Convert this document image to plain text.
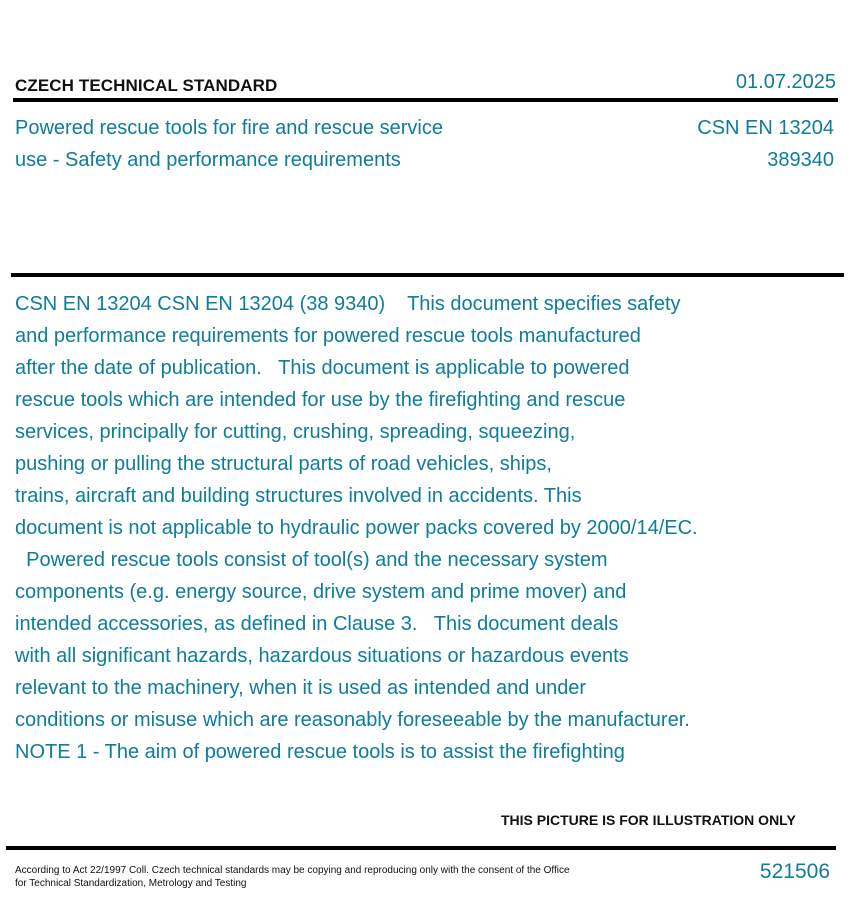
CZECH TECHNICAL STANDARD	01.07.2025
Powered rescue tools for fire and rescue service
use - Safety and performance requirements
CSN EN 13204
389340
CSN EN 13204 CSN EN 13204 (38 9340)    This document specifies safety
and performance requirements for powered rescue tools manufactured
after the date of publication.   This document is applicable to powered
rescue tools which are intended for use by the firefighting and rescue
services, principally for cutting, crushing, spreading, squeezing,
pushing or pulling the structural parts of road vehicles, ships,
trains, aircraft and building structures involved in accidents. This
document is not applicable to hydraulic power packs covered by 2000/14/EC.
Powered rescue tools consist of tool(s) and the necessary system
components (e.g. energy source, drive system and prime mover) and
intended accessories, as defined in Clause 3.   This document deals
with all significant hazards, hazardous situations or hazardous events
relevant to the machinery, when it is used as intended and under
conditions or misuse which are reasonably foreseeable by the manufacturer.
NOTE 1 - The aim of powered rescue tools is to assist the firefighting
THIS PICTURE IS FOR ILLUSTRATION ONLY
According to Act 22/1997 Coll. Czech technical standards may be copying and reproducing only with the consent of the Office
for Technical Standardization, Metrology and Testing
521506
